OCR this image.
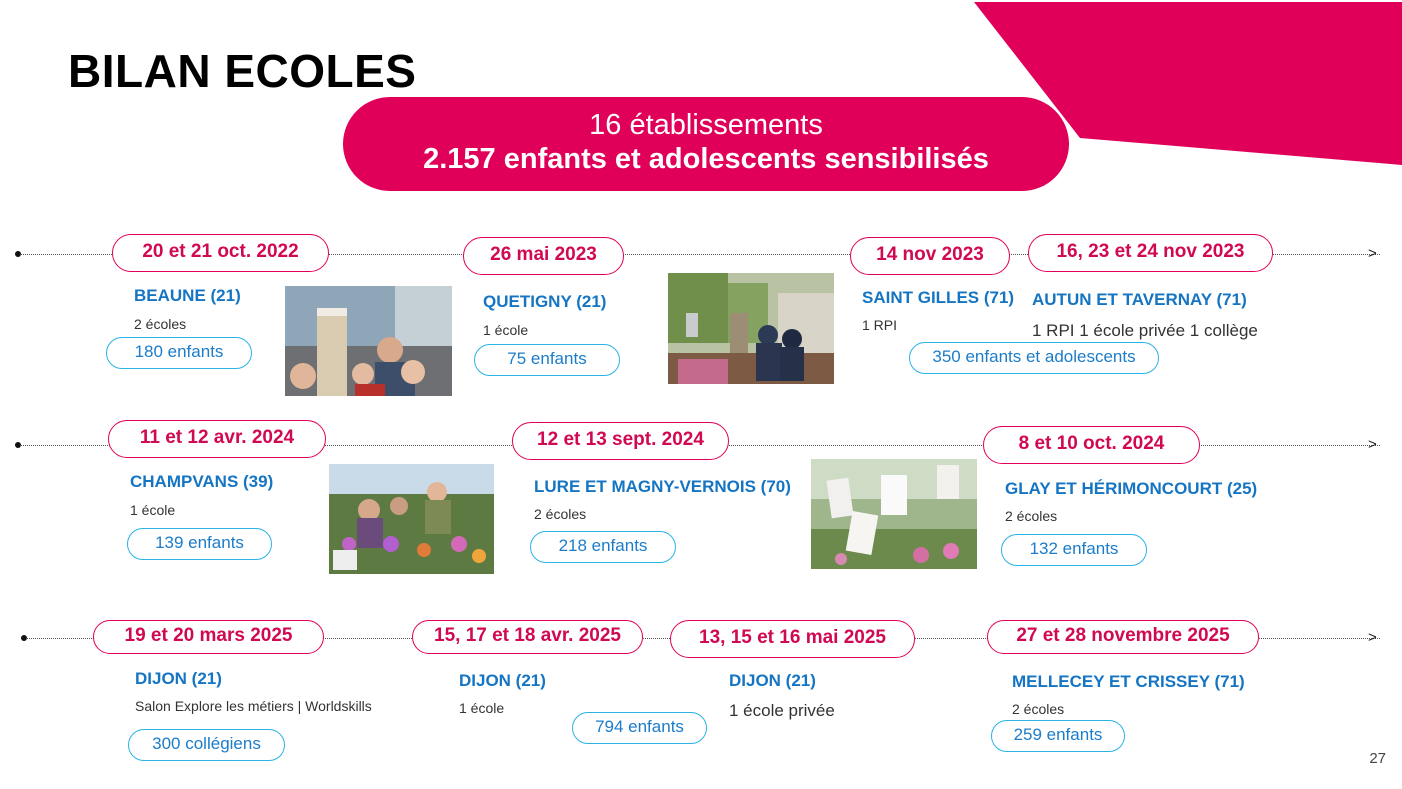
BILAN ECOLES
16 établissements
2.157 enfants et adolescents sensibilisés
>
>
>
20 et 21 oct. 2022
BEAUNE (21)
2 écoles
180 enfants
26 mai 2023
QUETIGNY (21)
1 école
75 enfants
14 nov 2023
SAINT GILLES (71)
1 RPI
350 enfants et adolescents
16, 23 et 24 nov 2023
AUTUN ET TAVERNAY (71)
1 RPI 1 école privée 1 collège
11 et 12 avr. 2024
CHAMPVANS (39)
1 école
139 enfants
12 et 13 sept. 2024
LURE ET MAGNY-VERNOIS (70)
2 écoles
218 enfants
8 et 10 oct. 2024
GLAY ET HÉRIMONCOURT (25)
2 écoles
132 enfants
19 et 20 mars 2025
DIJON (21)
Salon Explore les métiers | Worldskills
300 collégiens
15, 17 et 18 avr. 2025
DIJON (21)
1 école
794 enfants
13, 15 et 16 mai 2025
DIJON (21)
1 école privée
27 et 28 novembre 2025
MELLECEY ET CRISSEY (71)
2 écoles
259 enfants
27
